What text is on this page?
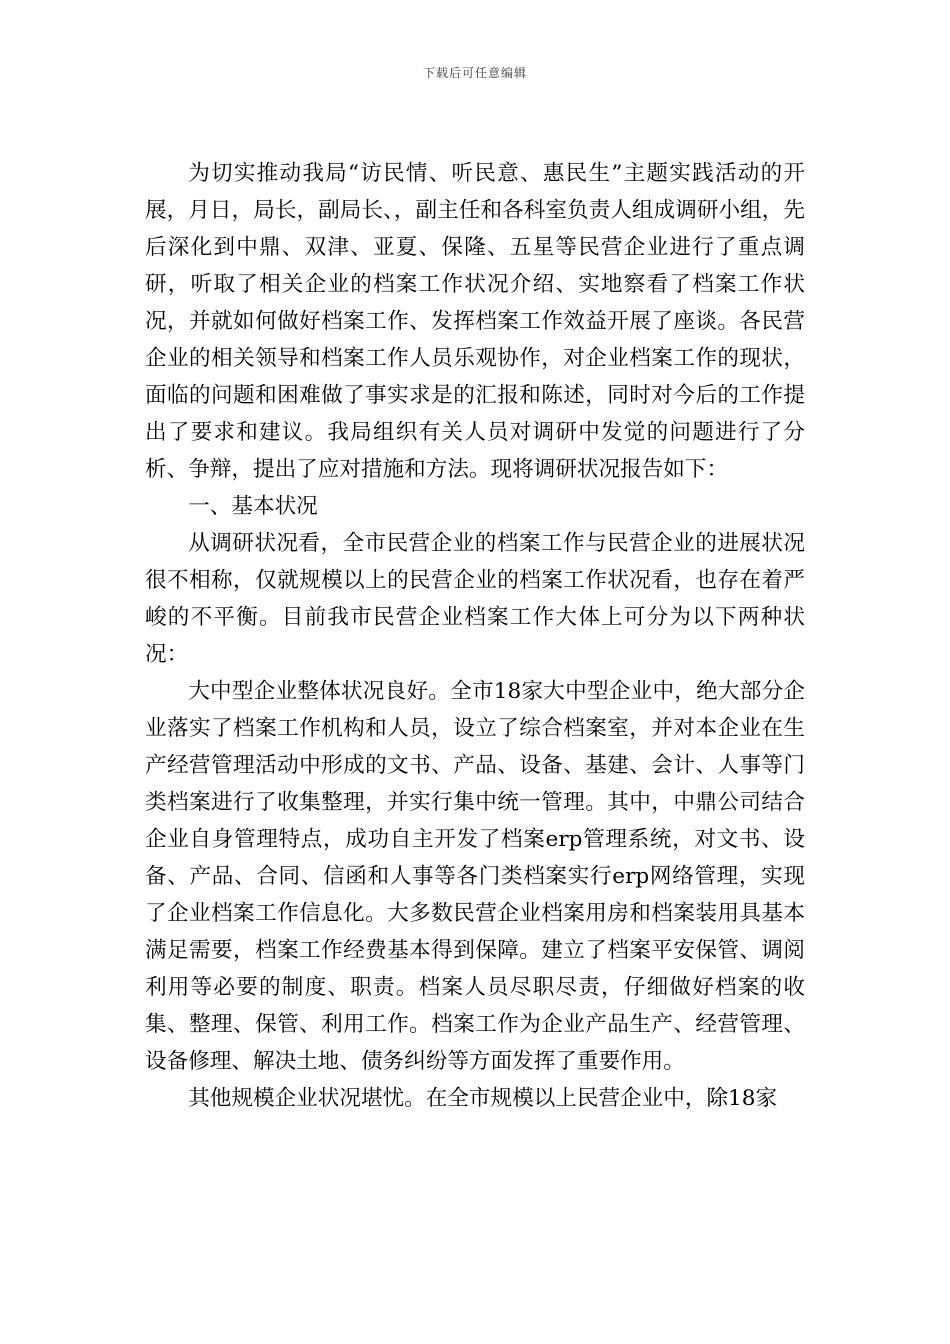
下载后可任意编辑

为切实推动我局“访民情、听民意、惠民生”主题实践活动的开展，月日，局长，副局长、，副主任和各科室负责人组成调研小组，先后深化到中鼎、双津、亚夏、保隆、五星等民营企业进行了重点调研，听取了相关企业的档案工作状况介绍、实地察看了档案工作状况，并就如何做好档案工作、发挥档案工作效益开展了座谈。各民营企业的相关领导和档案工作人员乐观协作，对企业档案工作的现状，面临的问题和困难做了事实求是的汇报和陈述，同时对今后的工作提出了要求和建议。我局组织有关人员对调研中发觉的问题进行了分析、争辩，提出了应对措施和方法。现将调研状况报告如下：

一、基本状况

从调研状况看，全市民营企业的档案工作与民营企业的进展状况很不相称，仅就规模以上的民营企业的档案工作状况看，也存在着严峻的不平衡。目前我市民营企业档案工作大体上可分为以下两种状况：

大中型企业整体状况良好。全市18家大中型企业中，绝大部分企业落实了档案工作机构和人员，设立了综合档案室，并对本企业在生产经营管理活动中形成的文书、产品、设备、基建、会计、人事等门类档案进行了收集整理，并实行集中统一管理。其中，中鼎公司结合企业自身管理特点，成功自主开发了档案erp管理系统，对文书、设备、产品、合同、信函和人事等各门类档案实行erp网络管理，实现了企业档案工作信息化。大多数民营企业档案用房和档案装用具基本满足需要，档案工作经费基本得到保障。建立了档案平安保管、调阅利用等必要的制度、职责。档案人员尽职尽责，仔细做好档案的收集、整理、保管、利用工作。档案工作为企业产品生产、经营管理、设备修理、解决土地、债务纠纷等方面发挥了重要作用。

其他规模企业状况堪忧。在全市规模以上民营企业中，除18家
